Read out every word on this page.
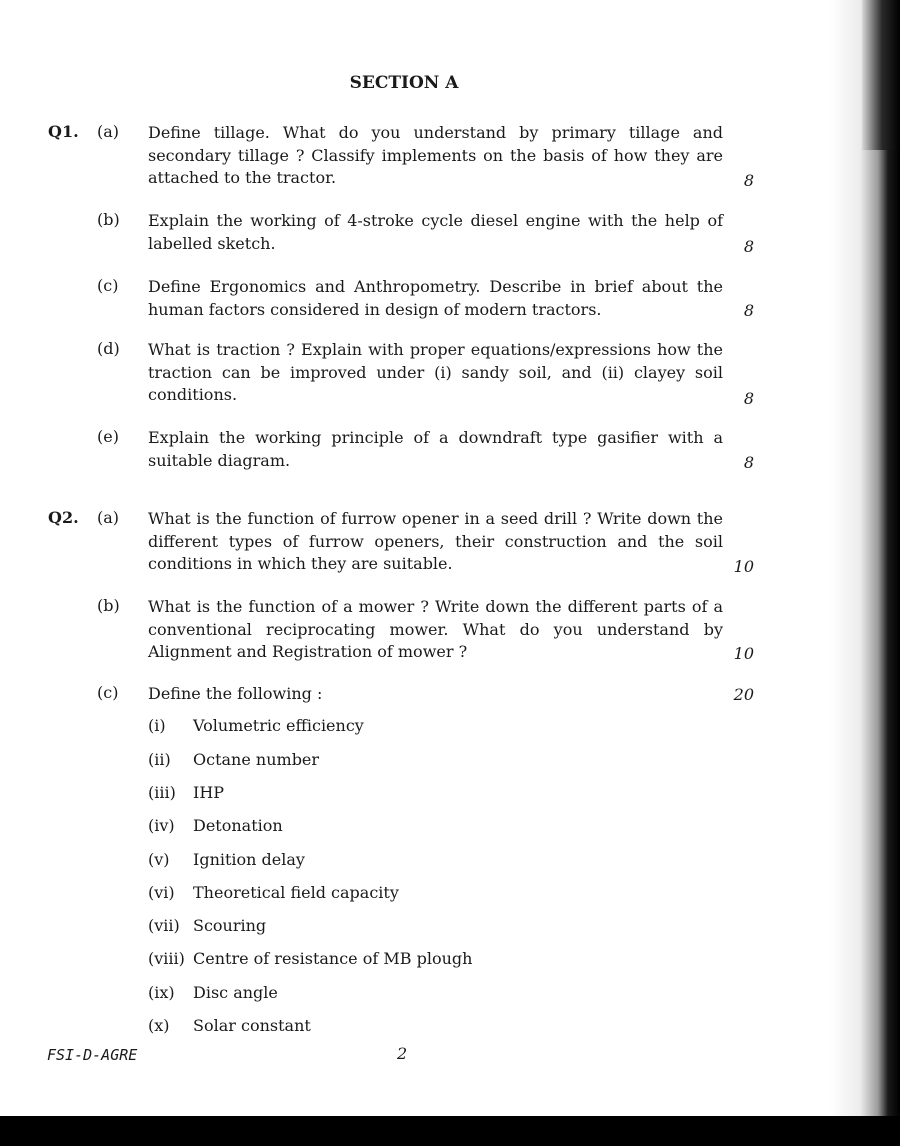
SECTION A
Q1. (a) Define tillage. What do you understand by primary tillage and secondary tillage ? Classify implements on the basis of how they are attached to the tractor.	8
(b) Explain the working of 4-stroke cycle diesel engine with the help of labelled sketch.	8
(c) Define Ergonomics and Anthropometry. Describe in brief about the human factors considered in design of modern tractors.	8
(d) What is traction ? Explain with proper equations/expressions how the traction can be improved under (i) sandy soil, and (ii) clayey soil conditions.	8
(e) Explain the working principle of a downdraft type gasifier with a suitable diagram.	8
Q2. (a) What is the function of furrow opener in a seed drill ? Write down the different types of furrow openers, their construction and the soil conditions in which they are suitable.	10
(b) What is the function of a mower ? Write down the different parts of a conventional reciprocating mower. What do you understand by Alignment and Registration of mower ?	10
(c) Define the following :	20
(i) Volumetric efficiency
(ii) Octane number
(iii) IHP
(iv) Detonation
(v) Ignition delay
(vi) Theoretical field capacity
(vii) Scouring
(viii) Centre of resistance of MB plough
(ix) Disc angle
(x) Solar constant
FSI-D-AGRE	2
